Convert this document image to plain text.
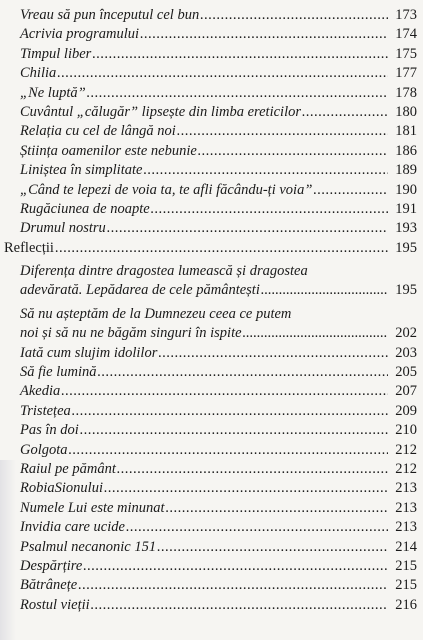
Vreau să pun începutul cel bun .....	173
Acrivia programului .....	174
Timpul liber .....	175
Chilia .....	177
„Ne luptă” .....	178
Cuvântul „călugăr” lipsește din limba ereticilor .....	180
Relația cu cel de lângă noi .....	181
Știința oamenilor este nebunie .....	186
Liniștea în simplitate .....	189
„Când te lepezi de voia ta, te afli făcându-ți voia” .....	190
Rugăciunea de noapte .....	191
Drumul nostru .....	193
Reflecții .....	195
Diferența dintre dragostea lumească și dragostea
adevărată. Lepădarea de cele pământești .....	195
Să nu așteptăm de la Dumnezeu ceea ce putem
noi și să nu ne băgăm singuri în ispite .....	202
Iată cum slujim idolilor .....	203
Să fie lumină .....	205
Akedia .....	207
Tristețea .....	209
Pas în doi .....	210
Golgota .....	212
Raiul pe pământ .....	212
RobiaSionului .....	213
Numele Lui este minunat .....	213
Invidia care ucide .....	213
Psalmul necanonic 151 .....	214
Despărțire .....	215
Bătrânețe .....	215
Rostul vieții .....	216
